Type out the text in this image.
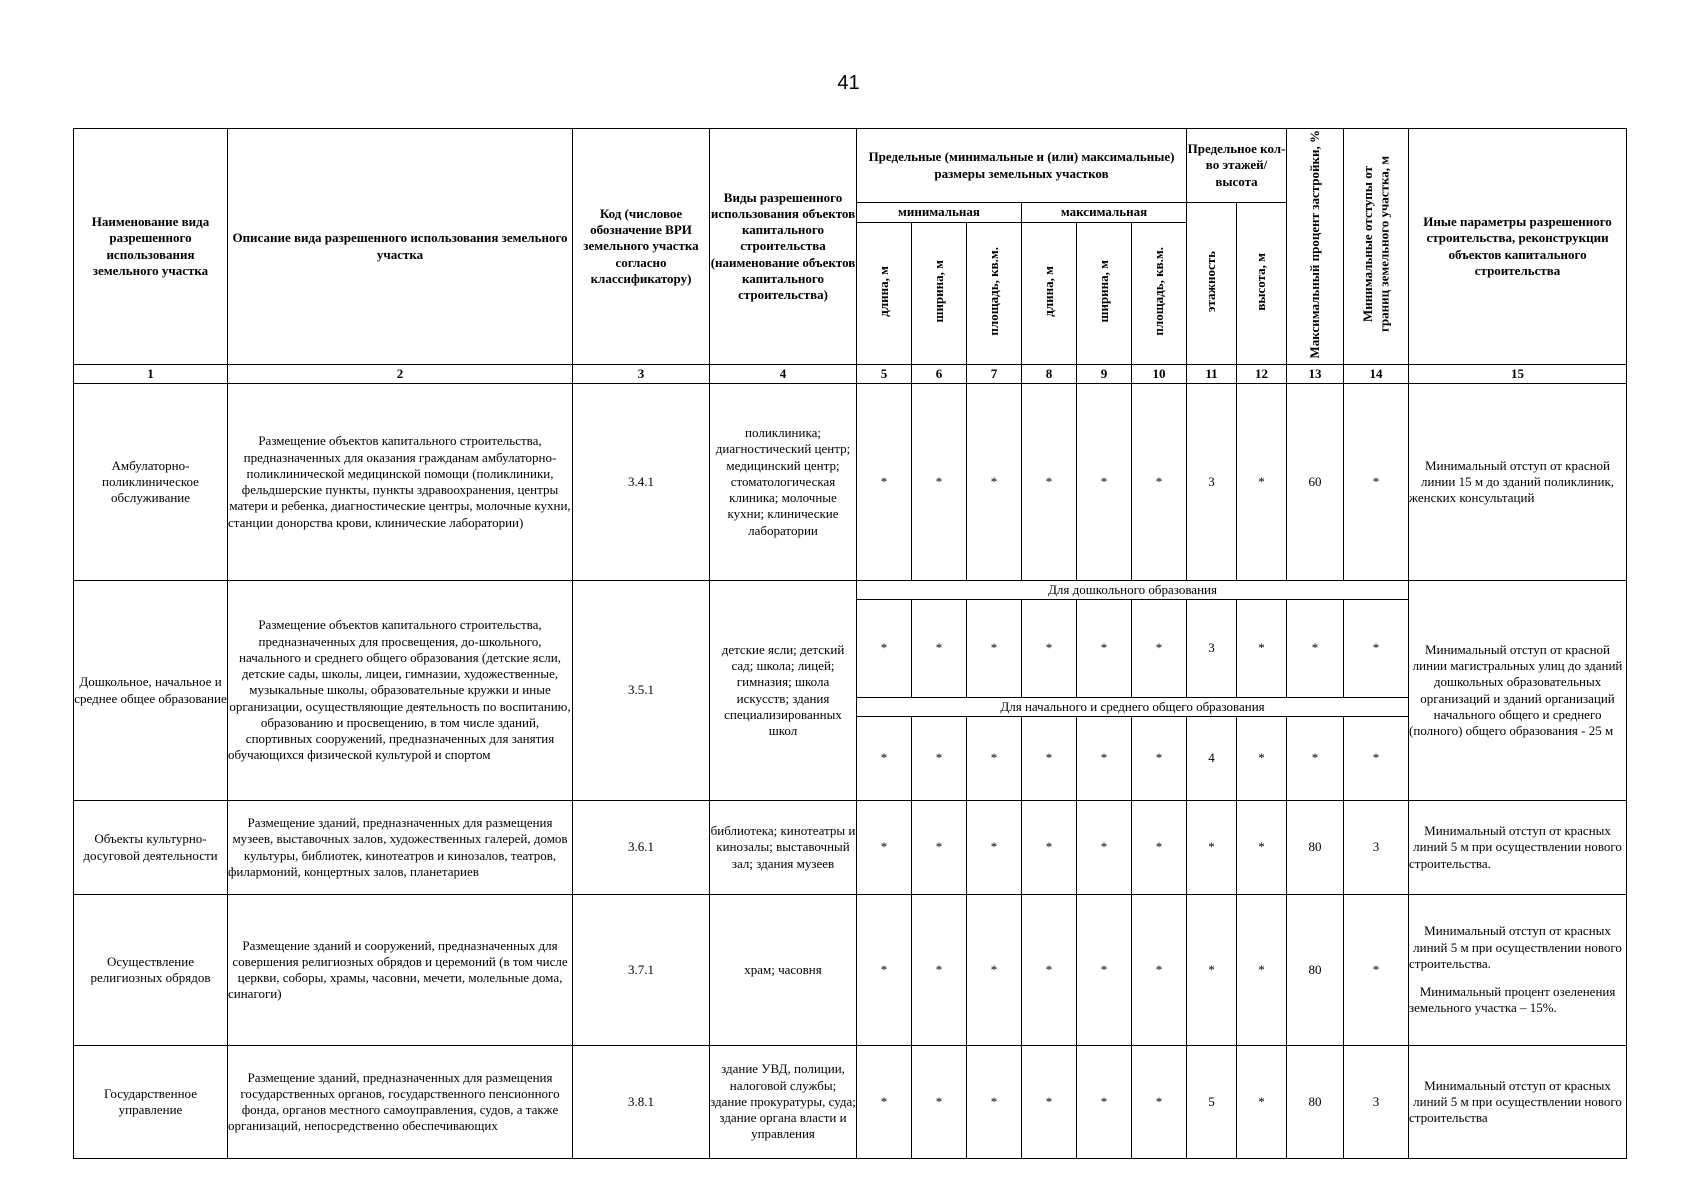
41
Наименование вида разрешенного использования земельного участка	Описание вида разрешенного использования земельного участка	Код (числовое обозначение ВРИ земельного участка согласно классификатору)	Виды разрешенного использования объектов капитального строительства (наименование объектов капитального строительства)	Предельные (минимальные и (или) максимальные) размеры земельных участков						Предельное кол-во этажей/ высота		Максимальный процент застройки, %	Минимальные отступы от границ земельного участка, м	Иные параметры разрешенного строительства, реконструкции объектов капитального строительства
				минимальная			максимальная			этажность	высота, м			
				длина, м	ширина, м	площадь, кв.м.	длина, м	ширина, м	площадь, кв.м.					
1	2	3	4	5	6	7	8	9	10	11	12	13	14	15
Амбулаторно-поликлиническое обслуживание	Размещение объектов капитального строительства, предназначенных для оказания гражданам амбулаторно-поликлинической медицинской помощи (поликлиники, фельдшерские пункты, пункты здравоохранения, центры матери и ребенка, диагностические центры, молочные кухни, станции донорства крови, клинические лаборатории)	3.4.1	поликлиника; диагностический центр; медицинский центр; стоматологическая клиника; молочные кухни; клинические лаборатории	*	*	*	*	*	*	3	*	60	*	Минимальный отступ от красной линии 15 м до зданий поликлиник, женских консультаций
Дошкольное, начальное и среднее общее образование	Размещение объектов капитального строительства, предназначенных для просвещения, до-школьного, начального и среднего общего образования (детские ясли, детские сады, школы, лицеи, гимназии, художественные, музыкальные школы, образовательные кружки и иные организации, осуществляющие деятельность по воспитанию, образованию и просвещению, в том числе зданий, спортивных сооружений, предназначенных для занятия обучающихся физической культурой и спортом	3.5.1	детские ясли; детский сад; школа; лицей; гимназия; школа искусств; здания специализированных школ	Для дошкольного образования										Минимальный отступ от красной линии магистральных улиц до зданий дошкольных образовательных организаций и зданий организаций начального общего и среднего (полного) общего образования - 25 м
				*	*	*	*	*	*	3	*	*	*	
				Для начального и среднего общего образования										
				*	*	*	*	*	*	4	*	*	*	
Объекты культурно-досуговой деятельности	Размещение зданий, предназначенных для размещения музеев, выставочных залов, художественных галерей, домов культуры, библиотек, кинотеатров и кинозалов, театров, филармоний, концертных залов, планетариев	3.6.1	библиотека; кинотеатры и кинозалы; выставочный зал; здания музеев	*	*	*	*	*	*	*	*	80	3	Минимальный отступ от красных линий 5 м при осуществлении нового строительства.
Осуществление религиозных обрядов	Размещение зданий и сооружений, предназначенных для совершения религиозных обрядов и церемоний (в том числе церкви, соборы, храмы, часовни, мечети, молельные дома, синагоги)	3.7.1	храм; часовня	*	*	*	*	*	*	*	*	80	*	Минимальный отступ от красных линий 5 м при осуществлении нового строительства.
Минимальный процент озеленения земельного участка – 15%.
Государственное управление	Размещение зданий, предназначенных для размещения государственных органов, государственного пенсионного фонда, органов местного самоуправления, судов, а также организаций, непосредственно обеспечивающих	3.8.1	здание УВД, полиции, налоговой службы; здание прокуратуры, суда; здание органа власти и управления	*	*	*	*	*	*	5	*	80	3	Минимальный отступ от красных линий 5 м при осуществлении нового строительства
